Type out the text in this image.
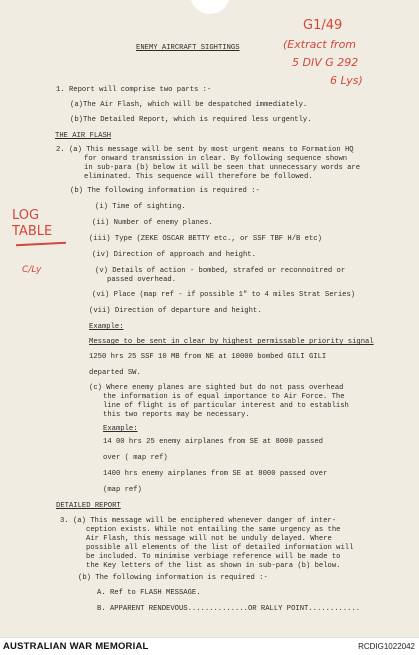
ENEMY AIRCRAFT SIGHTINGS
1. Report will comprise two parts :-
(a)The Air Flash, which will be despatched immediately.
(b)The Detailed Report, which is required less urgently.
THE AIR FLASH
2. (a) This message will be sent by most urgent means to Formation HQ
for onward transmission in clear. By following sequence shown
in sub-para (b) below it will be seen that unnecessary words are
eliminated. This sequence will therefore be followed.
(b) The following information is required :-
(i) Time of sighting.
(ii) Number of enemy planes.
(iii) Type (ZEKE OSCAR BETTY etc., or SSF TBF H/B etc)
(iv) Direction of approach and height.
(v) Details of action - bombed, strafed or reconnoitred or
passed overhead.
(vi) Place (map ref - if possible 1" to 4 miles Strat Series)
(vii) Direction of departure and height.
Example:
Message to be sent in clear by highest permissable priority signal
1250 hrs 25 SSF 10 MB from NE at 10000 bombed GILI GILI
departed SW.
(c) Where enemy planes are sighted but do not pass overhead
the information is of equal importance to Air Force. The
line of flight is of particular interest and to establish
this two reports may be necessary.
Example:
14 00 hrs 25 enemy airplanes from SE at 8000 passed
over ( map ref)
1400 hrs enemy airplanes from SE at 8000 passed over
(map ref)
DETAILED REPORT
3. (a) This message will be enciphered whenever danger of inter-
ception exists. While not entailing the same urgency as the
Air Flash, this message will not be unduly delayed. Where
possible all elements of the list of detailed information will
be included. To minimise verbiage reference will be made to
the Key letters of the list as shown in sub-para (b) below.
(b) The following information is required :-
A. Ref to FLASH MESSAGE.
B. APPARENT RENDEVOUS..............OR RALLY POINT............
G1/49
(Extract from
5 DIV G 292
6 Lys)
LOG
TABLE
C/Ly
AUSTRALIAN WAR MEMORIAL	RCDIG1022042
